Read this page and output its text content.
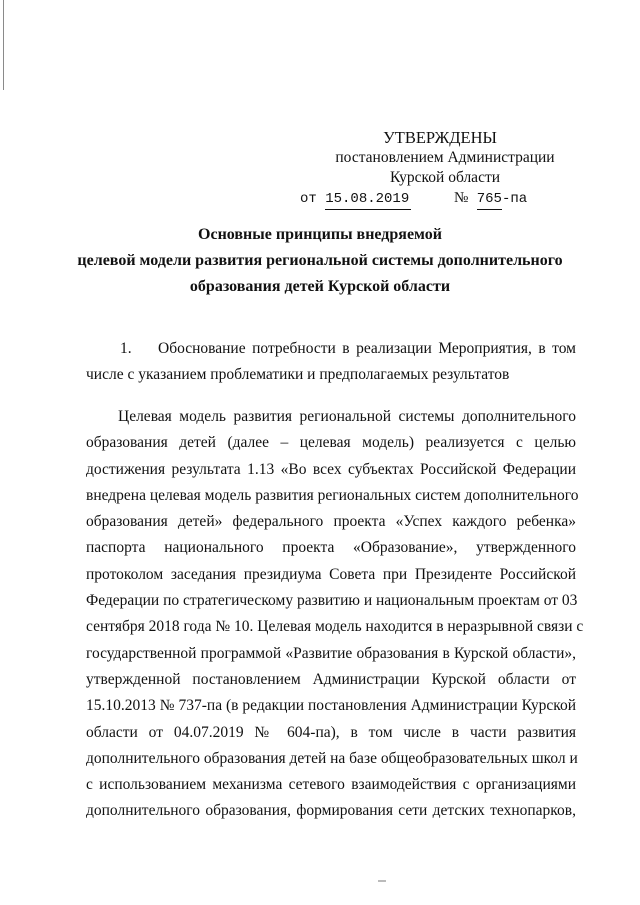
УТВЕРЖДЕНЫ
постановлением Администрации
Курской области
от 15.08.2019	№ 765-па
Основные принципы внедряемой
целевой модели развития региональной системы дополнительного
образования детей Курской области
1. Обоснование потребности в реализации Мероприятия, в том
числе с указанием проблематики и предполагаемых результатов
Целевая модель развития региональной системы дополнительного
образования детей (далее – целевая модель) реализуется с целью
достижения результата 1.13 «Во всех субъектах Российской Федерации
внедрена целевая модель развития региональных систем дополнительного
образования детей» федерального проекта «Успех каждого ребенка»
паспорта национального проекта «Образование», утвержденного
протоколом заседания президиума Совета при Президенте Российской
Федерации по стратегическому развитию и национальным проектам от 03
сентября 2018 года № 10. Целевая модель находится в неразрывной связи с
государственной программой «Развитие образования в Курской области»,
утвержденной постановлением Администрации Курской области от
15.10.2013 № 737-па (в редакции постановления Администрации Курской
области от 04.07.2019 № 604-па), в том числе в части развития
дополнительного образования детей на базе общеобразовательных школ и
с использованием механизма сетевого взаимодействия с организациями
дополнительного образования, формирования сети детских технопарков,
